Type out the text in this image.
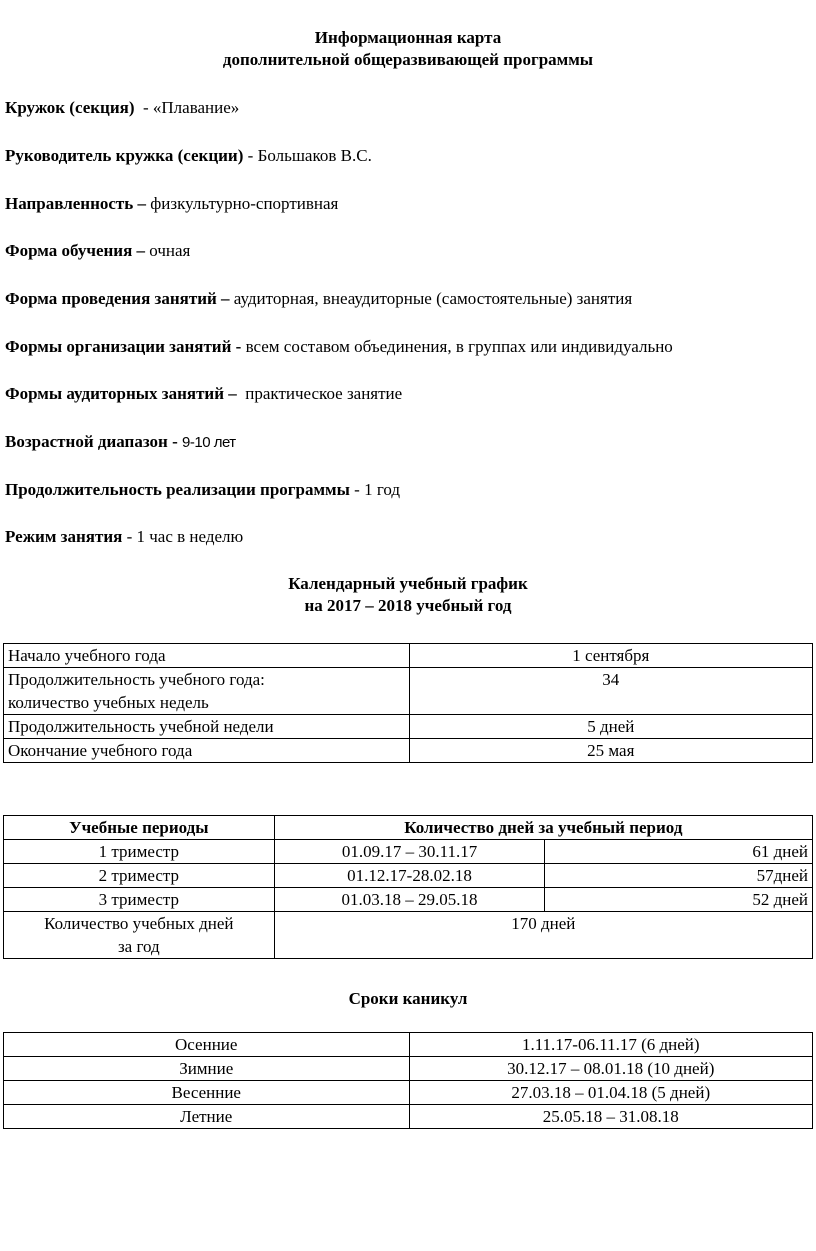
Информационная карта
дополнительной общеразвивающей программы
Кружок (секция)  - «Плавание»
Руководитель кружка (секции) - Большаков В.С.
Направленность – физкультурно-спортивная
Форма обучения – очная
Форма проведения занятий – аудиторная, внеаудиторные (самостоятельные) занятия
Формы организации занятий - всем составом объединения, в группах или индивидуально
Формы аудиторных занятий – практическое занятие
Возрастной диапазон - 9-10 лет
Продолжительность реализации программы - 1 год
Режим занятия - 1 час в неделю
Календарный учебный график
на 2017 – 2018 учебный год
Начало учебного года	1 сентября

Продолжительность учебного года:
количество учебных недель	34
Продолжительность учебной недели	5 дней
Окончание учебного года	25 мая
Учебные периоды	Количество дней за учебный период	
1 триместр	01.09.17 – 30.11.17	61 дней
2 триместр	01.12.17-28.02.18	57дней
3 триместр	01.03.18 – 29.05.18	52 дней

Количество учебных дней
за год	170 дней	
Сроки каникул
Осенние	1.11.17-06.11.17 (6 дней)
Зимние	30.12.17 – 08.01.18 (10 дней)
Весенние	27.03.18 – 01.04.18 (5 дней)
Летние	25.05.18 – 31.08.18
